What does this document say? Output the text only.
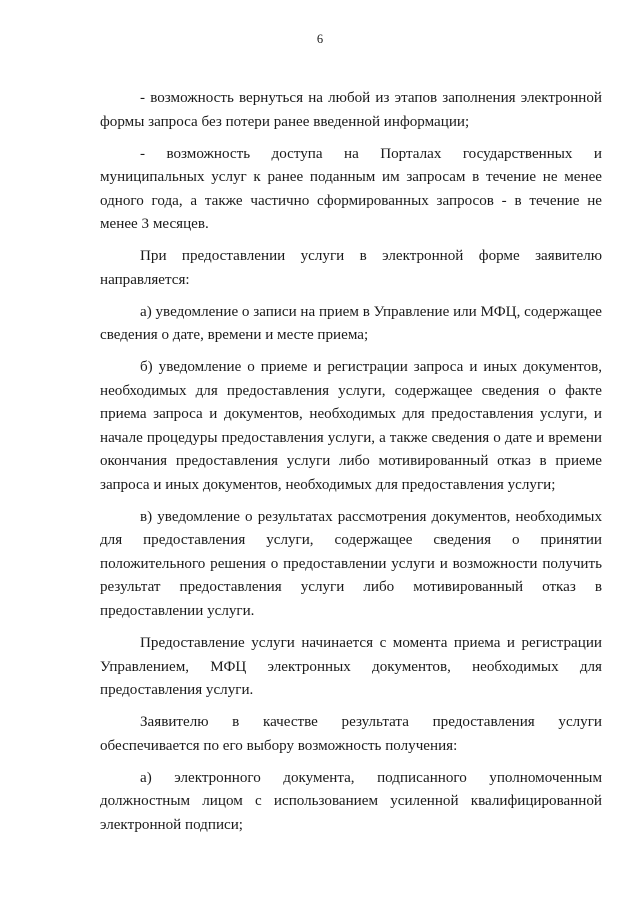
6

- возможность вернуться на любой из этапов заполнения электронной формы запроса без потери ранее введенной информации;

- возможность доступа на Порталах государственных и муниципальных услуг к ранее поданным им запросам в течение не менее одного года, а также частично сформированных запросов - в течение не менее 3 месяцев.

При предоставлении услуги в электронной форме заявителю направляется:

а) уведомление о записи на прием в Управление или МФЦ, содержащее сведения о дате, времени и месте приема;

б) уведомление о приеме и регистрации запроса и иных документов, необходимых для предоставления услуги, содержащее сведения о факте приема запроса и документов, необходимых для предоставления услуги, и начале процедуры предоставления услуги, а также сведения о дате и времени окончания предоставления услуги либо мотивированный отказ в приеме запроса и иных документов, необходимых для предоставления услуги;

в) уведомление о результатах рассмотрения документов, необходимых для предоставления услуги, содержащее сведения о принятии положительного решения о предоставлении услуги и возможности получить результат предоставления услуги либо мотивированный отказ в предоставлении услуги.

Предоставление услуги начинается с момента приема и регистрации Управлением, МФЦ электронных документов, необходимых для предоставления услуги.

Заявителю в качестве результата предоставления услуги обеспечивается по его выбору возможность получения:

а) электронного документа, подписанного уполномоченным должностным лицом с использованием усиленной квалифицированной электронной подписи;
